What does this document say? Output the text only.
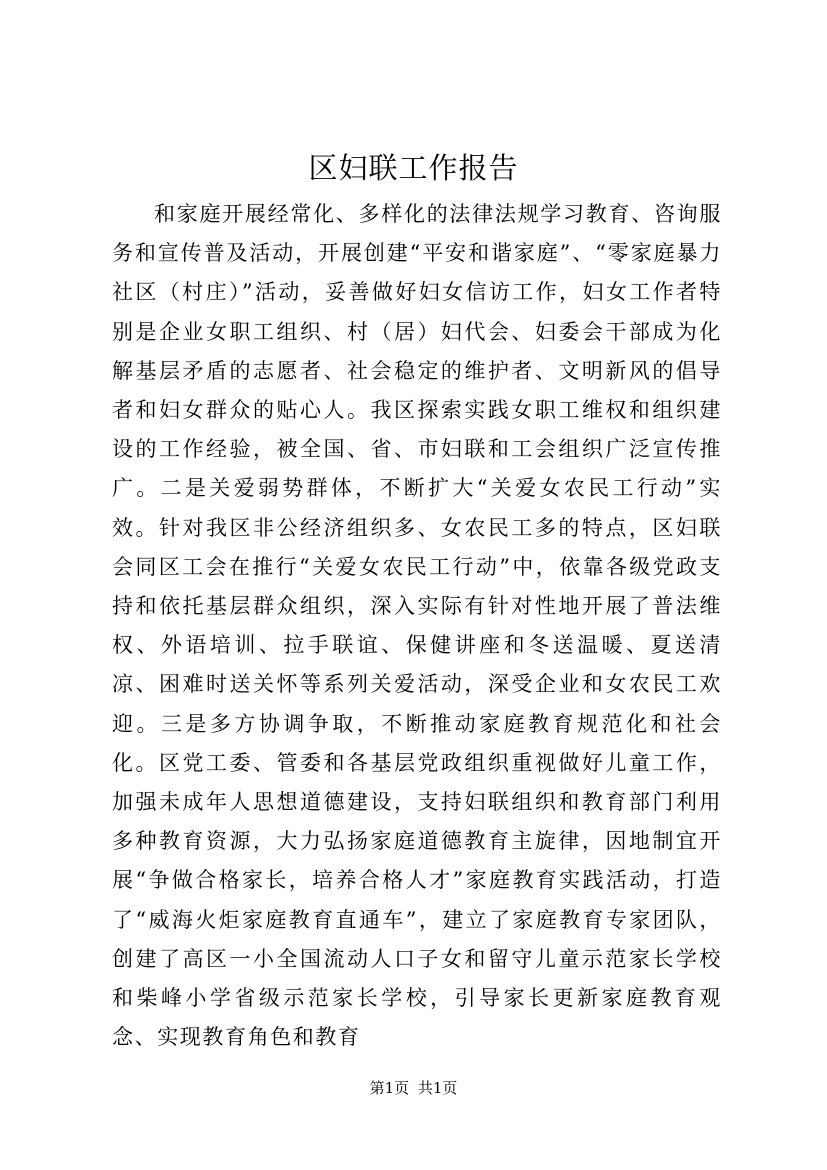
区妇联工作报告

和家庭开展经常化、多样化的法律法规学习教育、咨询服务和宣传普及活动，开展创建“平安和谐家庭”、“零家庭暴力社区（村庄）”活动，妥善做好妇女信访工作，妇女工作者特别是企业女职工组织、村（居）妇代会、妇委会干部成为化解基层矛盾的志愿者、社会稳定的维护者、文明新风的倡导者和妇女群众的贴心人。我区探索实践女职工维权和组织建设的工作经验，被全国、省、市妇联和工会组织广泛宣传推广。二是关爱弱势群体，不断扩大“关爱女农民工行动”实效。针对我区非公经济组织多、女农民工多的特点，区妇联会同区工会在推行“关爱女农民工行动”中，依靠各级党政支持和依托基层群众组织，深入实际有针对性地开展了普法维权、外语培训、拉手联谊、保健讲座和冬送温暖、夏送清凉、困难时送关怀等系列关爱活动，深受企业和女农民工欢迎。三是多方协调争取，不断推动家庭教育规范化和社会化。区党工委、管委和各基层党政组织重视做好儿童工作，加强未成年人思想道德建设，支持妇联组织和教育部门利用多种教育资源，大力弘扬家庭道德教育主旋律，因地制宜开展“争做合格家长，培养合格人才”家庭教育实践活动，打造了“威海火炬家庭教育直通车”，建立了家庭教育专家团队，创建了高区一小全国流动人口子女和留守儿童示范家长学校和柴峰小学省级示范家长学校，引导家长更新家庭教育观念、实现教育角色和教育

第1页 共1页
